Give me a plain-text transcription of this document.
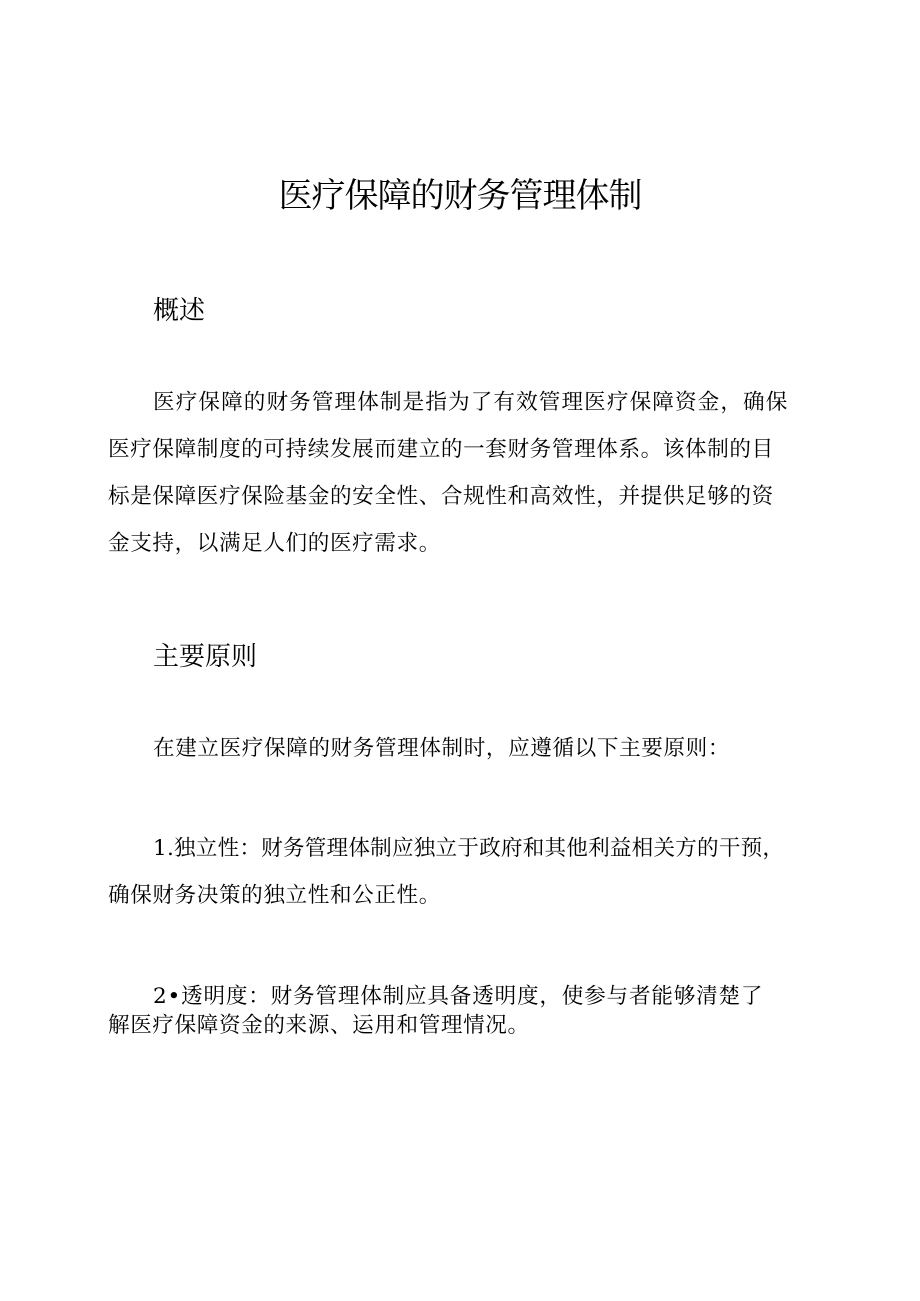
医疗保障的财务管理体制
概述
医疗保障的财务管理体制是指为了有效管理医疗保障资金，确保
医疗保障制度的可持续发展而建立的一套财务管理体系。该体制的目
标是保障医疗保险基金的安全性、合规性和高效性，并提供足够的资
金支持，以满足人们的医疗需求。
主要原则
在建立医疗保障的财务管理体制时，应遵循以下主要原则：
1.独立性：财务管理体制应独立于政府和其他利益相关方的干预，
确保财务决策的独立性和公正性。
2•透明度：财务管理体制应具备透明度，使参与者能够清楚了
解医疗保障资金的来源、运用和管理情况。
